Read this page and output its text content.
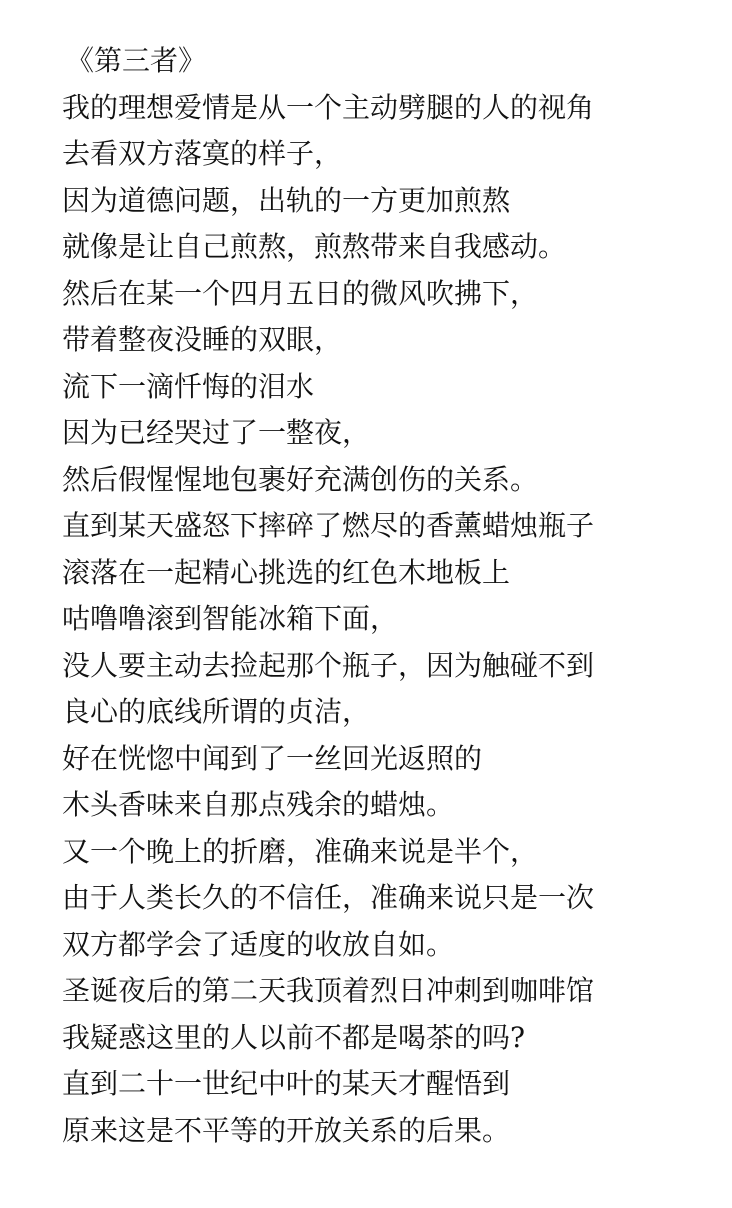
《第三者》
我的理想爱情是从一个主动劈腿的人的视角
去看双方落寞的样子，
因为道德问题，出轨的一方更加煎熬
就像是让自己煎熬，煎熬带来自我感动。
然后在某一个四月五日的微风吹拂下，
带着整夜没睡的双眼，
流下一滴忏悔的泪水
因为已经哭过了一整夜，
然后假惺惺地包裹好充满创伤的关系。
直到某天盛怒下摔碎了燃尽的香薰蜡烛瓶子
滚落在一起精心挑选的红色木地板上
咕噜噜滚到智能冰箱下面，
没人要主动去捡起那个瓶子，因为触碰不到
良心的底线所谓的贞洁，
好在恍惚中闻到了一丝回光返照的
木头香味来自那点残余的蜡烛。
又一个晚上的折磨，准确来说是半个，
由于人类长久的不信任，准确来说只是一次
双方都学会了适度的收放自如。
圣诞夜后的第二天我顶着烈日冲刺到咖啡馆
我疑惑这里的人以前不都是喝茶的吗?
直到二十一世纪中叶的某天才醒悟到
原来这是不平等的开放关系的后果。
